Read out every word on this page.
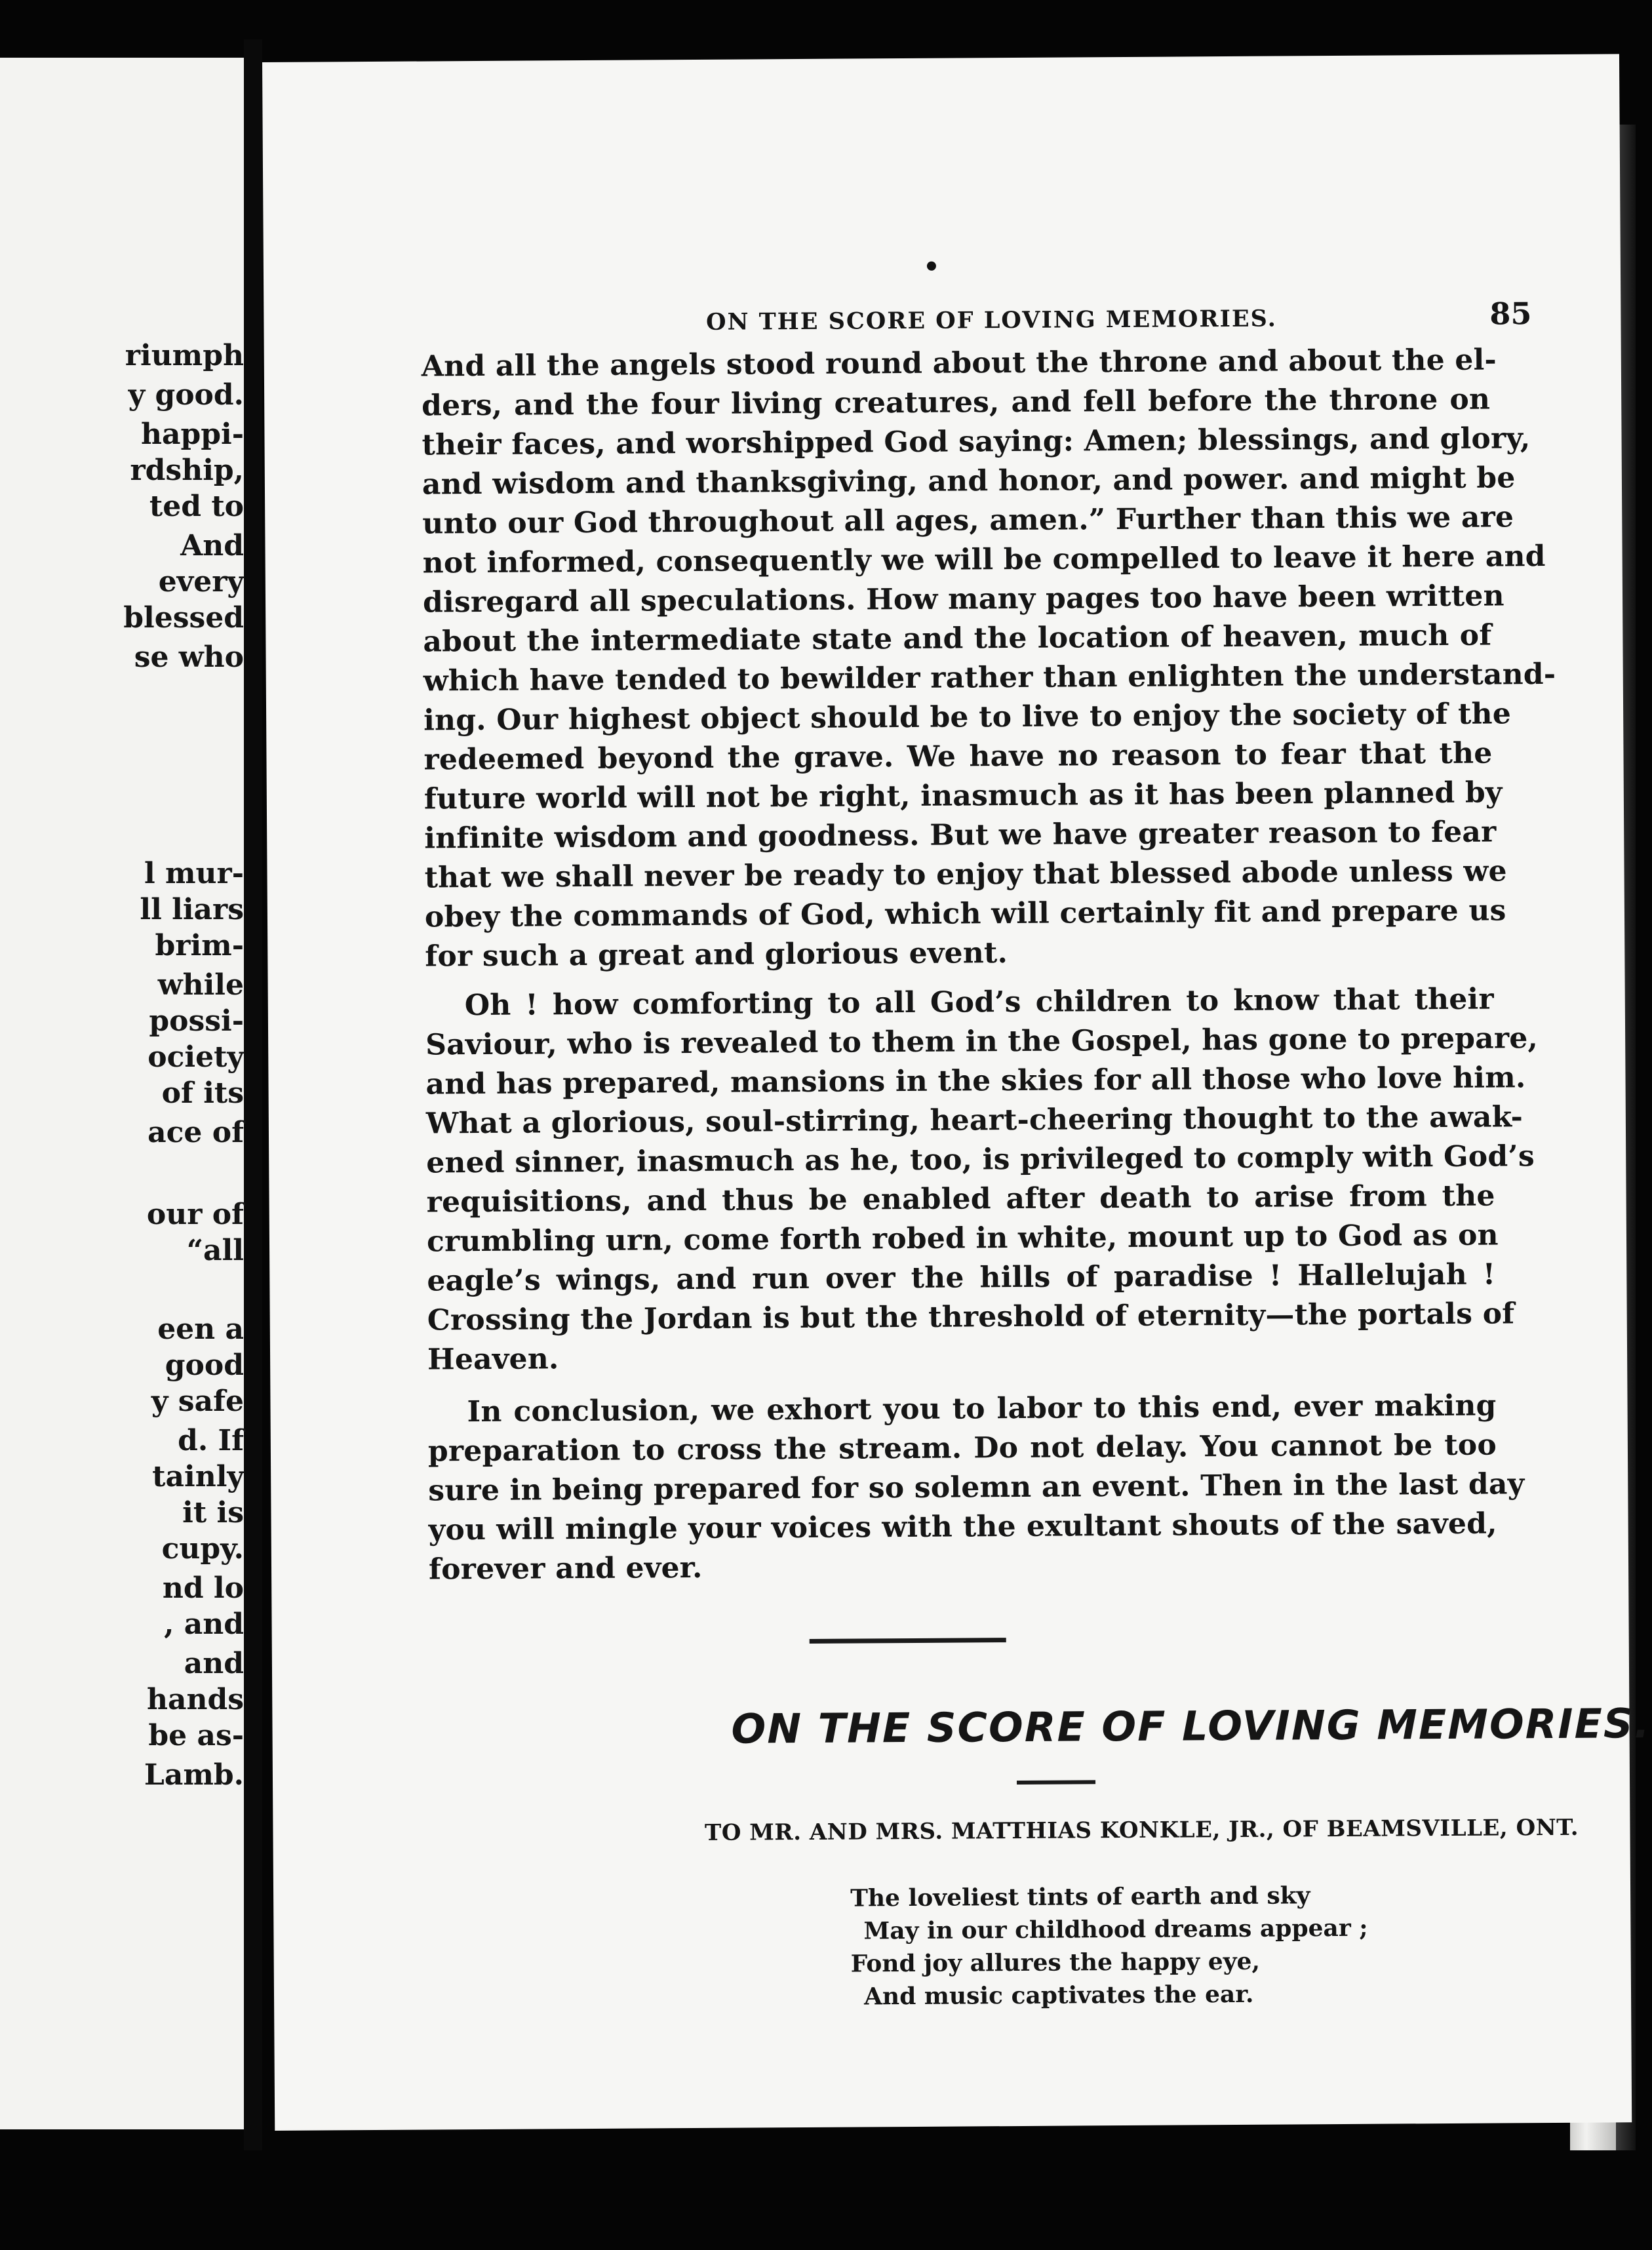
ON THE SCORE OF LOVING MEMORIES.	85
And all the angels stood round about the throne and about the el-
ders, and the four living creatures, and fell before the throne on
their faces, and worshipped God saying: Amen; blessings, and glory,
and wisdom and thanksgiving, and honor, and power. and might be
unto our God throughout all ages, amen.” Further than this we are
not informed, consequently we will be compelled to leave it here and
disregard all speculations. How many pages too have been written
about the intermediate state and the location of heaven, much of
which have tended to bewilder rather than enlighten the understand-
ing. Our highest object should be to live to enjoy the society of the
redeemed beyond the grave. We have no reason to fear that the
future world will not be right, inasmuch as it has been planned by
infinite wisdom and goodness. But we have greater reason to fear
that we shall never be ready to enjoy that blessed abode unless we
obey the commands of God, which will certainly fit and prepare us
for such a great and glorious event.
Oh ! how comforting to all God’s children to know that their
Saviour, who is revealed to them in the Gospel, has gone to prepare,
and has prepared, mansions in the skies for all those who love him.
What a glorious, soul-stirring, heart-cheering thought to the awak-
ened sinner, inasmuch as he, too, is privileged to comply with God’s
requisitions, and thus be enabled after death to arise from the
crumbling urn, come forth robed in white, mount up to God as on
eagle’s wings, and run over the hills of paradise ! Hallelujah !
Crossing the Jordan is but the threshold of eternity—the portals of
Heaven.
In conclusion, we exhort you to labor to this end, ever making
preparation to cross the stream. Do not delay. You cannot be too
sure in being prepared for so solemn an event. Then in the last day
you will mingle your voices with the exultant shouts of the saved,
forever and ever.
ON THE SCORE OF LOVING MEMORIES.
TO MR. AND MRS. MATTHIAS KONKLE, JR., OF BEAMSVILLE, ONT.
The loveliest tints of earth and sky
May in our childhood dreams appear ;
Fond joy allures the happy eye,
And music captivates the ear.
riumph
y good.
happi-
rdship,
ted to
And
every
blessed
se who
l mur-
ll liars
brim-
while
possi-
ociety
of its
ace of
our of
“all
een a
good
y safe
d. If
tainly
it is
cupy.
nd lo
, and
and
hands
be as-
Lamb.
